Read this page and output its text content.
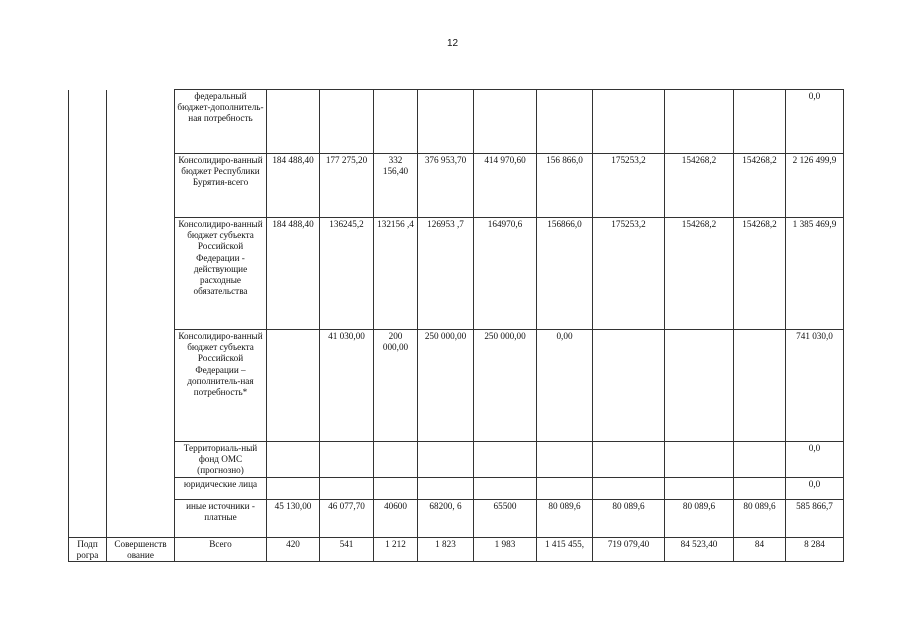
12
		федеральный бюджет-дополнитель-ная потребность										0,0
		Консолидиро-ванный бюджет Республики Бурятия-всего	184 488,40	177 275,20	332 156,40	376 953,70	414 970,60	156 866,0	175253,2	154268,2	154268,2	2 126 499,9
		Консолидиро-ванный бюджет субъекта Российской Федерации - действующие расходные обязательства	184 488,40	136245,2	132156 ,4	126953 ,7	164970,6	156866,0	175253,2	154268,2	154268,2	1 385 469,9
		Консолидиро-ванный бюджет субъекта Российской Федерации – дополнитель-ная потребность*		41 030,00	200 000,00	250 000,00	250 000,00	0,00				741 030,0
		Территориаль-ный фонд ОМС (прогнозно)										0,0
		юридические лица										0,0
		иные источники - платные	45 130,00	46 077,70	40600	68200, 6	65500	80 089,6	80 089,6	80 089,6	80 089,6	585 866,7
Подп рогра	Совершенств ование	Всего	420	541	1 212	1 823	1 983	1 415 455,	719 079,40	84 523,40	84	8 284
